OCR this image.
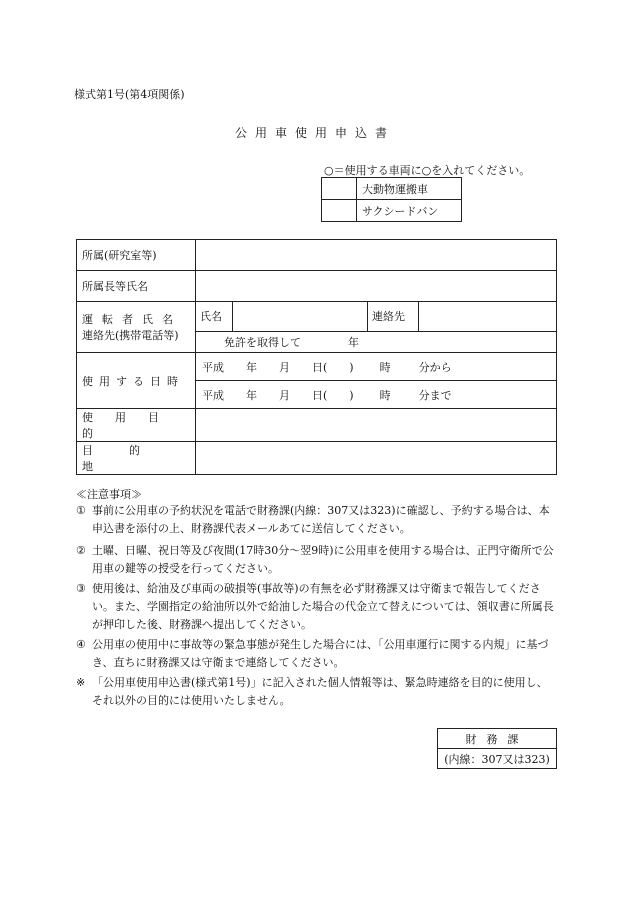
様式第1号(第4項関係)
公用車使用申込書
○＝使用する車両に○を入れてください。
	大動物運搬車
	サクシードバン
所属(研究室等)				
所属長等氏名				

運転者氏名
連絡先(携帯電話等)	氏名		連絡先	
	免許を取得して 年			
使用する日時	平成 年 月 日( ) 時 分から			
	平成 年 月 日( ) 時 分まで			
使用目的				
目的地				
≪注意事項≫
① 事前に公用車の予約状況を電話で財務課(内線：307又は323)に確認し、予約する場合は、本申込書を添付の上、財務課代表メールあてに送信してください。
② 土曜、日曜、祝日等及び夜間(17時30分～翌9時)に公用車を使用する場合は、正門守衛所で公用車の鍵等の授受を行ってください。
③ 使用後は、給油及び車両の破損等(事故等)の有無を必ず財務課又は守衛まで報告してください。また、学園指定の給油所以外で給油した場合の代金立て替えについては、領収書に所属長が押印した後、財務課へ提出してください。
④ 公用車の使用中に事故等の緊急事態が発生した場合には、「公用車運行に関する内規」に基づき、直ちに財務課又は守衛まで連絡してください。
※ 「公用車使用申込書(様式第1号)」に記入された個人情報等は、緊急時連絡を目的に使用し、それ以外の目的には使用いたしません。
財務課
(内線：307又は323)
